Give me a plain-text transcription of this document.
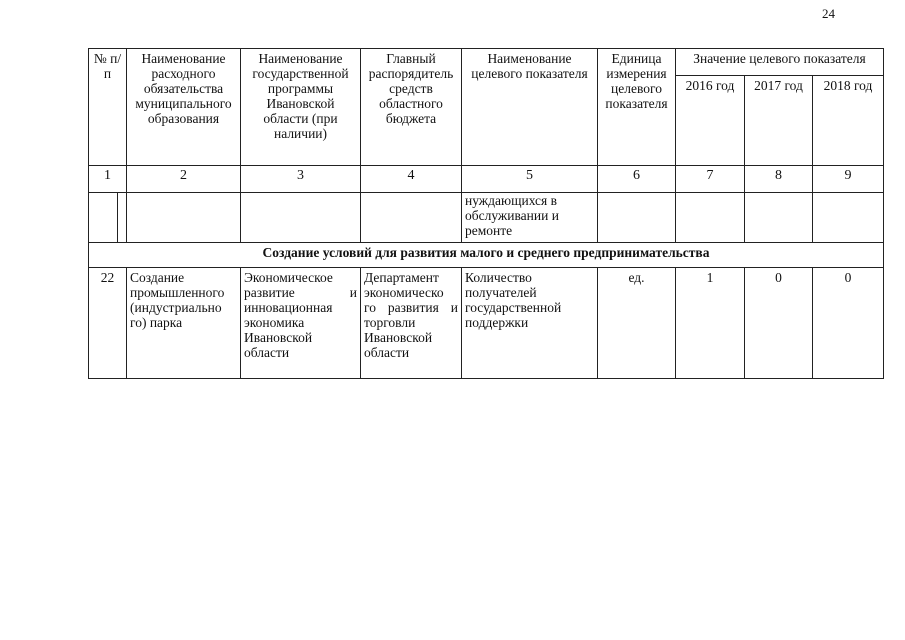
24
№ п/п	Наименование расходного обязательства муниципального образования	Наименование государственной программы Ивановской области (при наличии)	Главный распорядитель средств областного бюджета	Наименование целевого показателя	Единица измерения целевого показателя	Значение целевого показателя		
						2016 год	2017 год	2018 год
1	2	3	4	5	6	7	8	9

				нуждающихся в обслуживании и ремонте				
Создание условий для развития малого и среднего предпринимательства								
22	Создание промышленного (индустриально го) парка	Экономическое развитие и инновационная экономика Ивановской области	Департамент экономическо го развития и торговли Ивановской области	Количество получателей государственной поддержки	ед.	1	0	0
